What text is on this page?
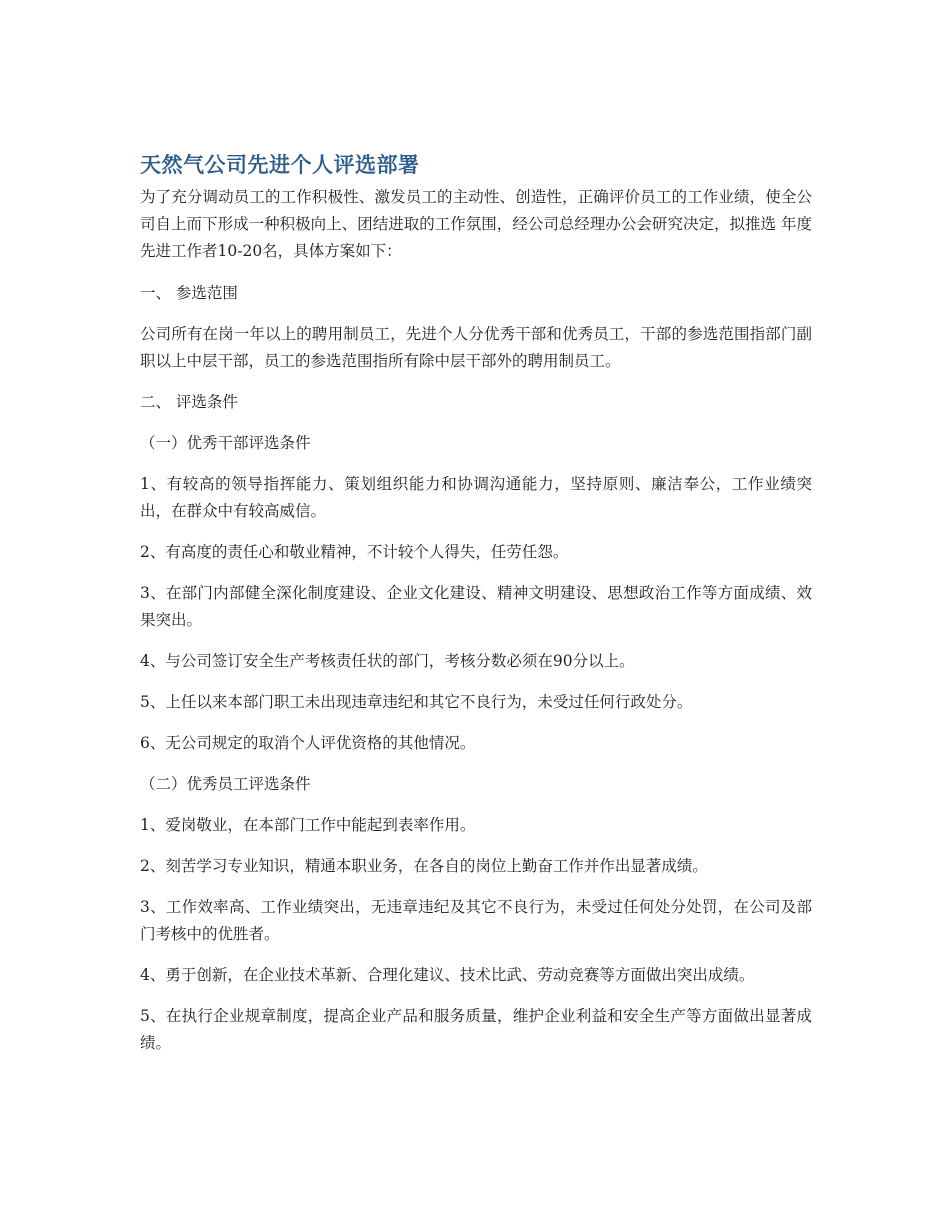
天然气公司先进个人评选部署

为了充分调动员工的工作积极性、激发员工的主动性、创造性，正确评价员工的工作业绩，使全公司自上而下形成一种积极向上、团结进取的工作氛围，经公司总经理办公会研究决定，拟推选 年度先进工作者10-20名，具体方案如下：

一、 参选范围

公司所有在岗一年以上的聘用制员工，先进个人分优秀干部和优秀员工，干部的参选范围指部门副职以上中层干部，员工的参选范围指所有除中层干部外的聘用制员工。

二、 评选条件

（一）优秀干部评选条件

1、有较高的领导指挥能力、策划组织能力和协调沟通能力，坚持原则、廉洁奉公，工作业绩突出，在群众中有较高威信。

2、有高度的责任心和敬业精神，不计较个人得失，任劳任怨。

3、在部门内部健全深化制度建设、企业文化建设、精神文明建设、思想政治工作等方面成绩、效果突出。

4、与公司签订安全生产考核责任状的部门，考核分数必须在90分以上。

5、上任以来本部门职工未出现违章违纪和其它不良行为，未受过任何行政处分。

6、无公司规定的取消个人评优资格的其他情况。

（二）优秀员工评选条件

1、爱岗敬业，在本部门工作中能起到表率作用。

2、刻苦学习专业知识，精通本职业务，在各自的岗位上勤奋工作并作出显著成绩。

3、工作效率高、工作业绩突出，无违章违纪及其它不良行为，未受过任何处分处罚，在公司及部门考核中的优胜者。

4、勇于创新，在企业技术革新、合理化建议、技术比武、劳动竞赛等方面做出突出成绩。

5、在执行企业规章制度，提高企业产品和服务质量，维护企业利益和安全生产等方面做出显著成绩。
